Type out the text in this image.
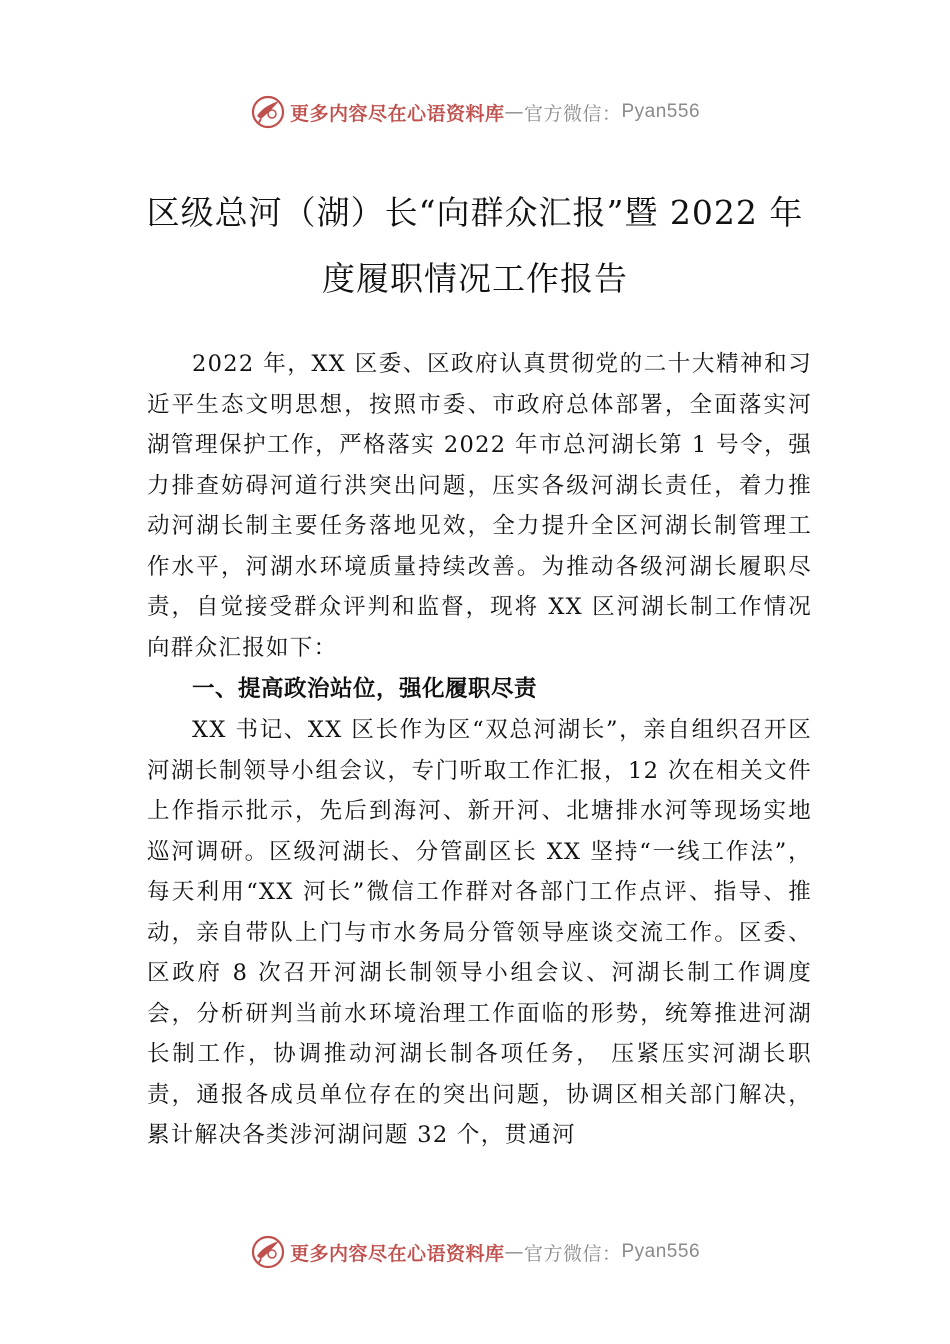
更多内容尽在心语资料库 — 官方微信： Pyan556
区级总河（湖）长“向群众汇报”暨 2022 年度履职情况工作报告

2022 年，XX 区委、区政府认真贯彻党的二十大精神和习近平生态文明思想，按照市委、市政府总体部署，全面落实河湖管理保护工作，严格落实 2022 年市总河湖长第 1 号令，强力排查妨碍河道行洪突出问题，压实各级河湖长责任，着力推动河湖长制主要任务落地见效，全力提升全区河湖长制管理工作水平，河湖水环境质量持续改善。为推动各级河湖长履职尽责，自觉接受群众评判和监督，现将 XX 区河湖长制工作情况向群众汇报如下：

一、提高政治站位，强化履职尽责

XX 书记、XX 区长作为区“双总河湖长”，亲自组织召开区河湖长制领导小组会议，专门听取工作汇报，12 次在相关文件上作指示批示，先后到海河、新开河、北塘排水河等现场实地巡河调研。区级河湖长、分管副区长 XX 坚持“一线工作法”，每天利用“XX 河长”微信工作群对各部门工作点评、指导、推动，亲自带队上门与市水务局分管领导座谈交流工作。区委、区政府 8 次召开河湖长制领导小组会议、河湖长制工作调度会，分析研判当前水环境治理工作面临的形势，统筹推进河湖长制工作，协调推动河湖长制各项任务， 压紧压实河湖长职责，通报各成员单位存在的突出问题，协调区相关部门解决，累计解决各类涉河湖问题 32 个，贯通河

更多内容尽在心语资料库 — 官方微信： Pyan556
